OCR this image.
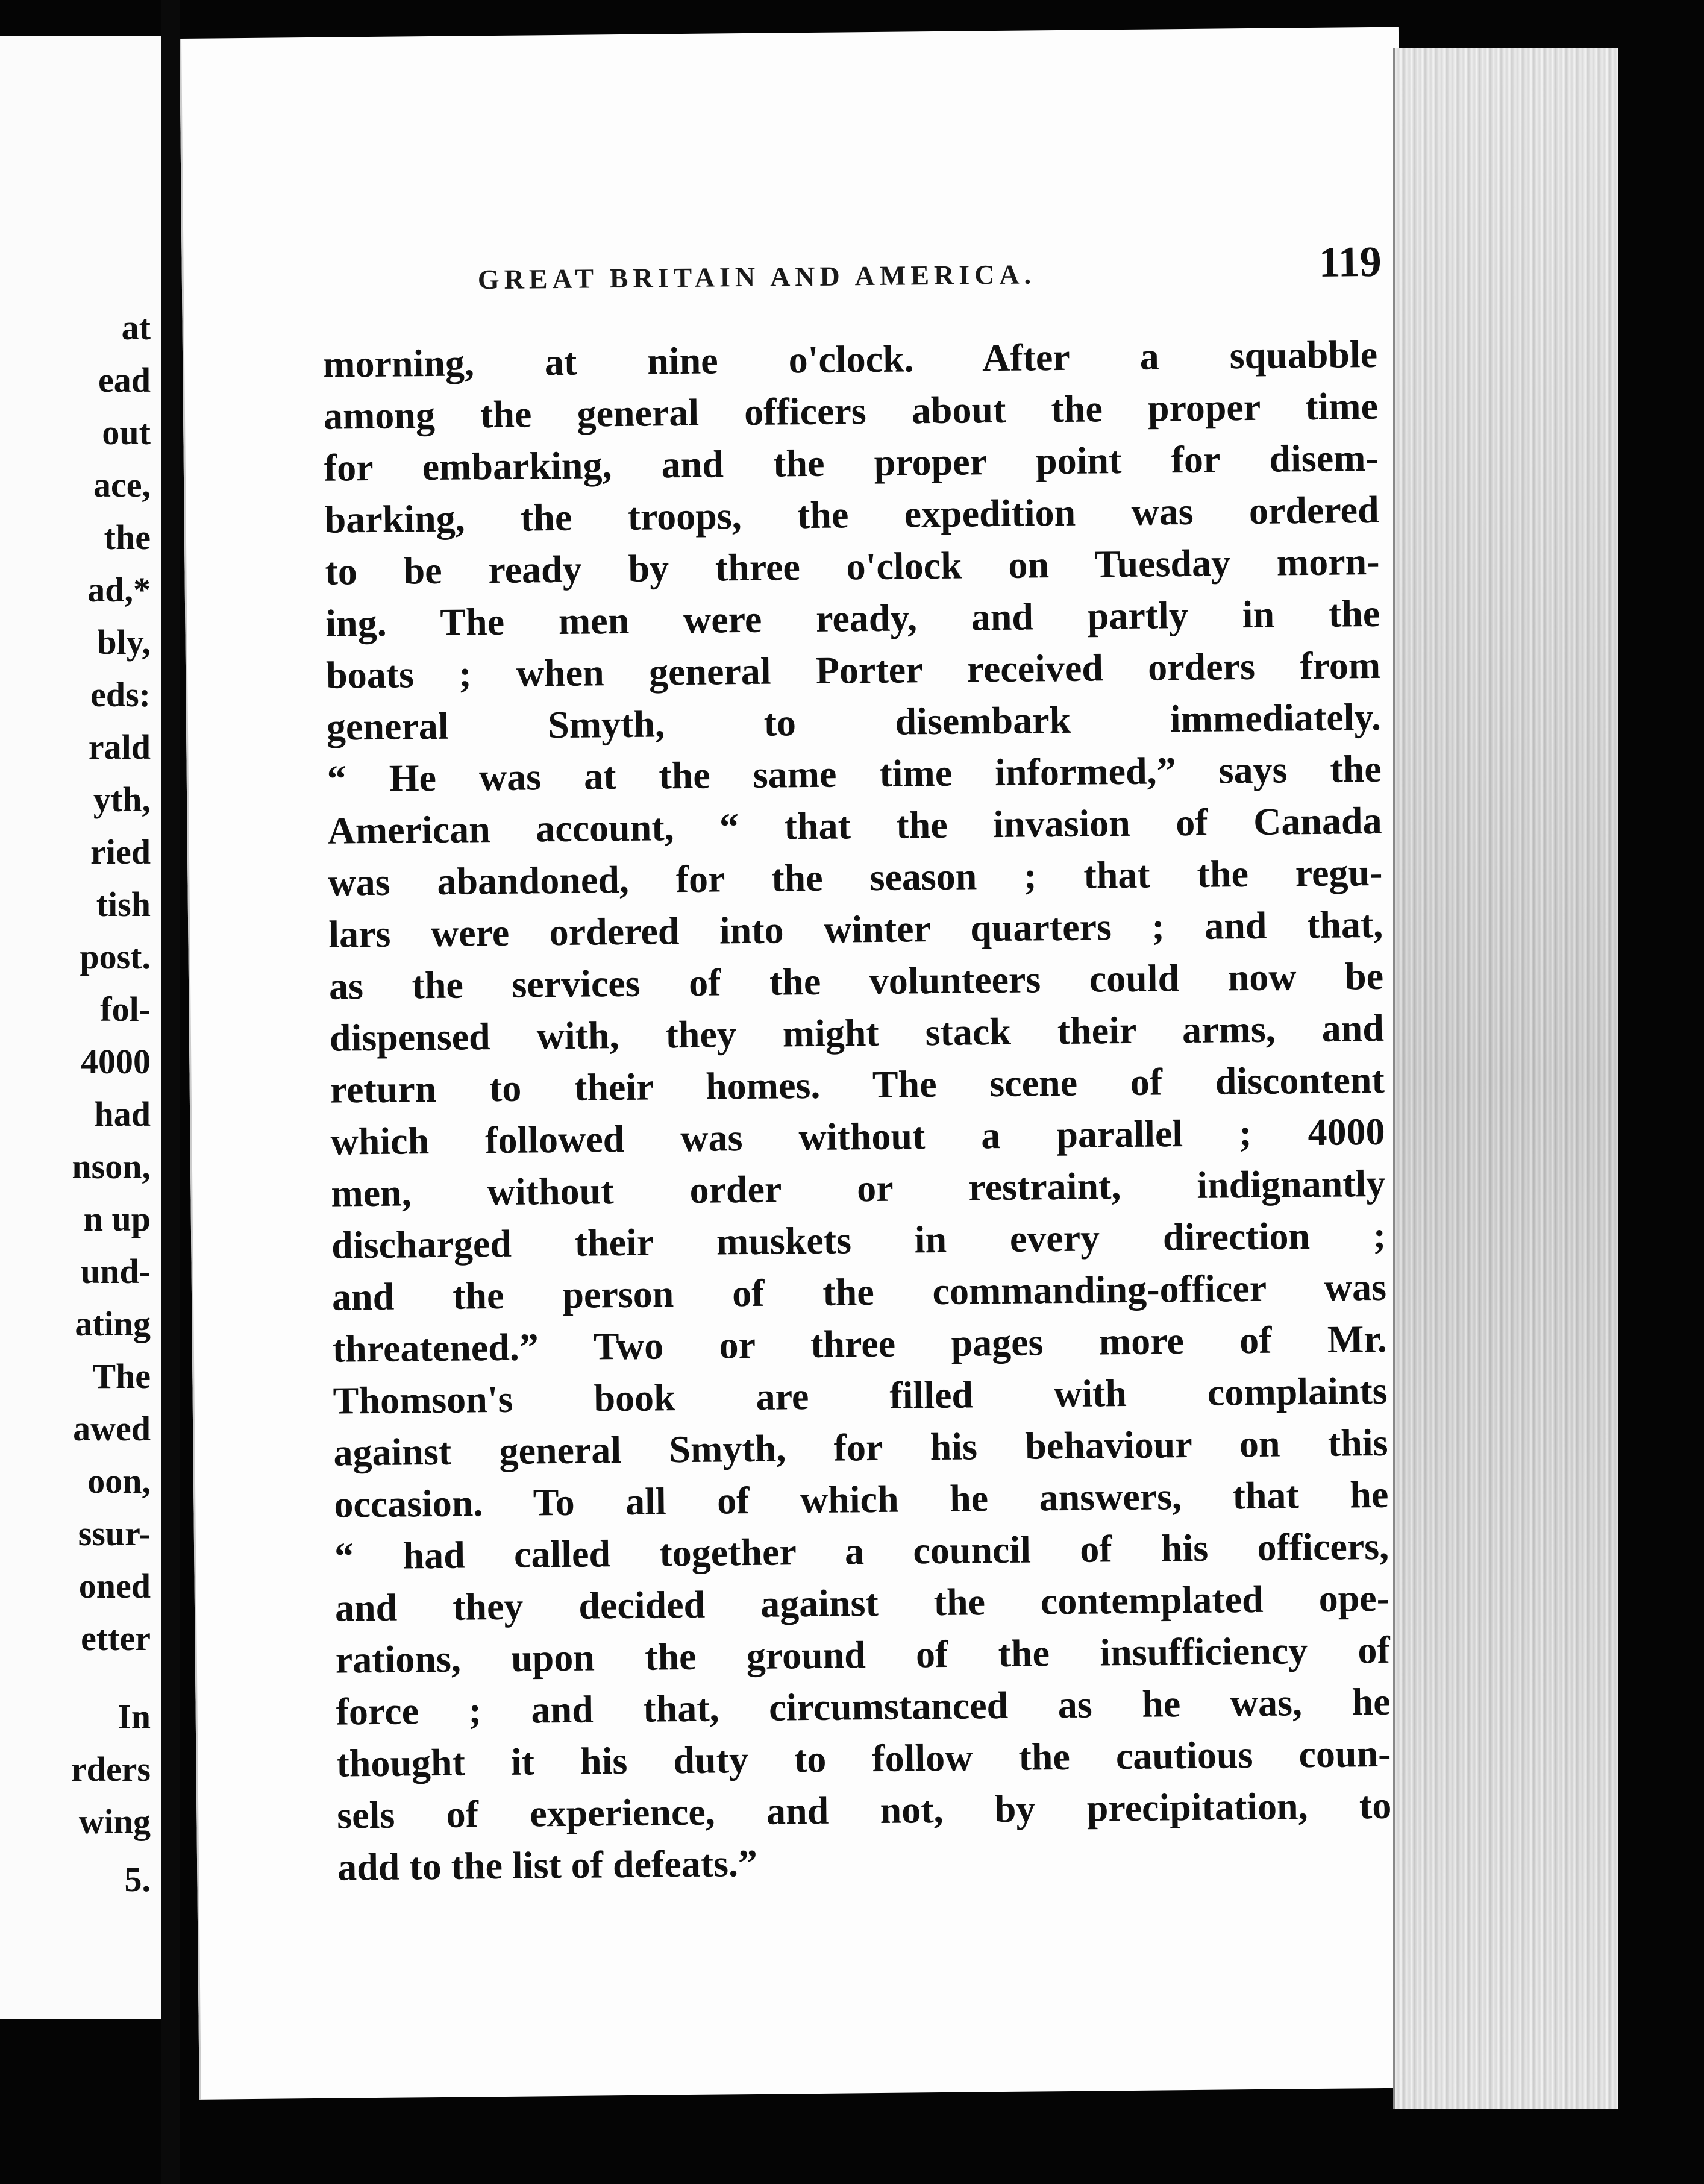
at
ead
out
ace,
the
ad,*
bly,
eds:
rald
yth,
ried
tish
post.
fol-
4000
had
nson,
n up
und-
ating
The
awed
oon,
ssur-
oned
etter
In
rders
wing
5.
GREAT BRITAIN AND AMERICA.	119
morning, at nine o'clock. After a squabble
among the general officers about the proper time
for embarking, and the proper point for disem-
barking, the troops, the expedition was ordered
to be ready by three o'clock on Tuesday morn-
ing. The men were ready, and partly in the
boats ; when general Porter received orders from
general Smyth, to disembark immediately.
“ He was at the same time informed,” says the
American account, “ that the invasion of Canada
was abandoned, for the season ; that the regu-
lars were ordered into winter quarters ; and that,
as the services of the volunteers could now be
dispensed with, they might stack their arms, and
return to their homes. The scene of discontent
which followed was without a parallel ; 4000
men, without order or restraint, indignantly
discharged their muskets in every direction ;
and the person of the commanding-officer was
threatened.” Two or three pages more of Mr.
Thomson's book are filled with complaints
against general Smyth, for his behaviour on this
occasion. To all of which he answers, that he
“ had called together a council of his officers,
and they decided against the contemplated ope-
rations, upon the ground of the insufficiency of
force ; and that, circumstanced as he was, he
thought it his duty to follow the cautious coun-
sels of experience, and not, by precipitation, to
add to the list of defeats.”
